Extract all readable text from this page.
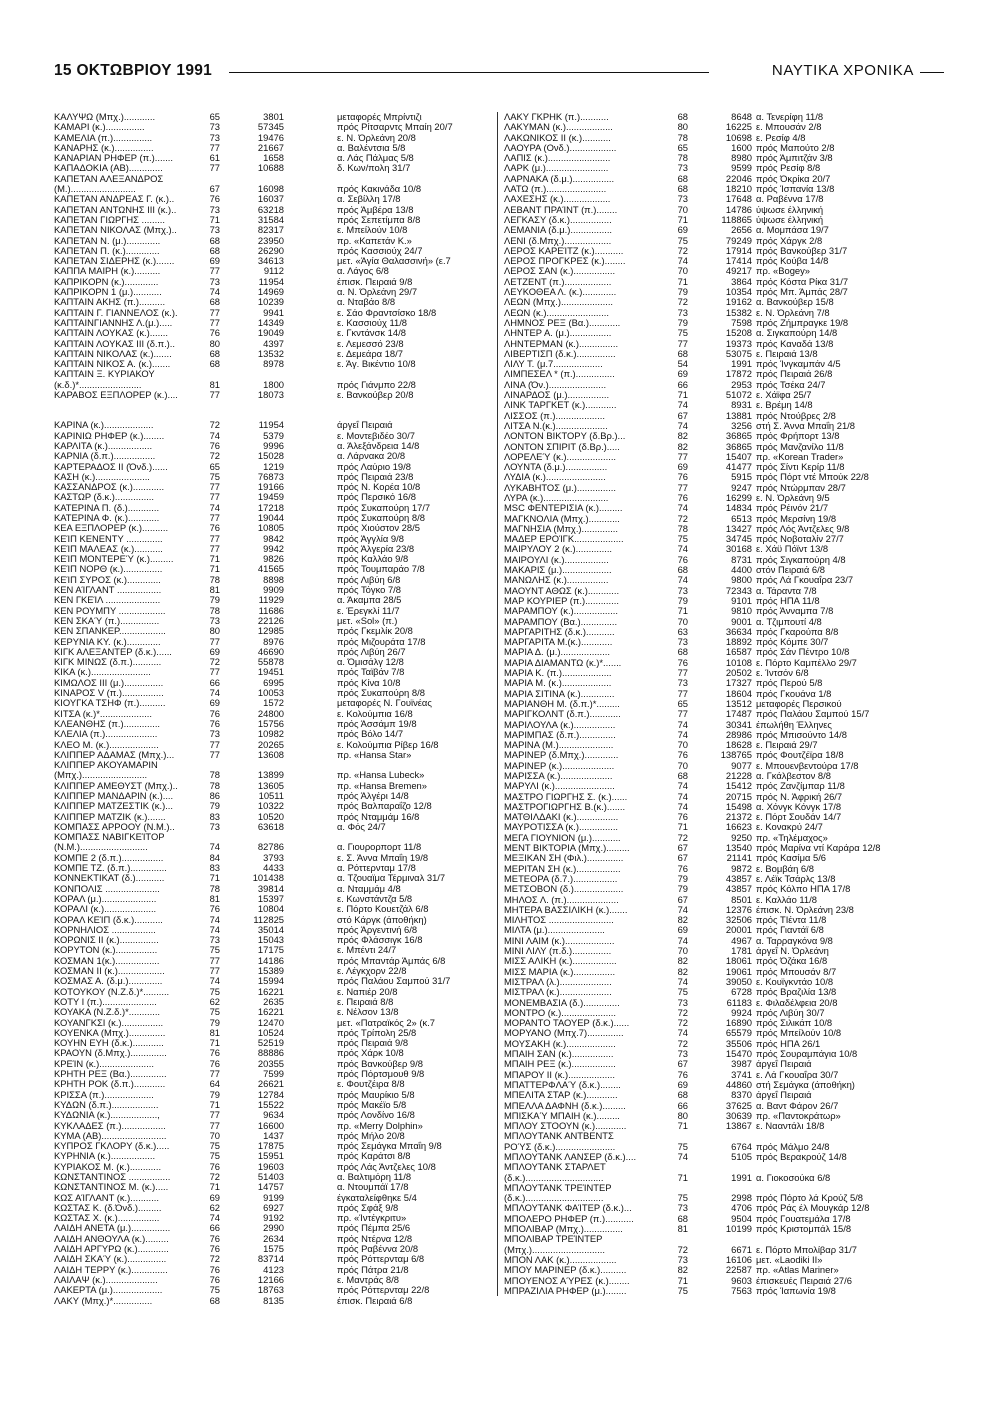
15 ΟΚΤΩΒΡΙΟΥ 1991	ΝΑΥΤΙΚΑ ΧΡΟΝΙΚΑ
ΚΑΛΥΨΩ (Μπχ.)............	65	3801	μεταφορές Μπρίντιζι
ΚΑΜΑΡΙ (κ.)...............	73	57345	πρός Ρίτσαρντς Μπαίη 20/7
ΚΑΜΕΛΙΑ (π.)...............	73	19476	ε. Ν. Όρλεάνη 20/8
ΚΑΝΑΡΗΣ (κ.)...............	77	21667	α. Βαλέντσια 5/8
ΚΑΝΑΡΙΑΝ ΡΗΦΕΡ (π.).......	61	1658	α. Λάς Πάλμας 5/8
ΚΑΠΑΔΟΚΙΑ (ΑΒ).............	77	10688	δ. Κων/πολη 31/7
ΚΑΠΕΤΑΝ ΑΛΕΞΑΝΔΡΟΣ
(Μ.).........................	67	16098	πρός Κακινάδα 10/8
ΚΑΠΕΤΑΝ ΑΝΔΡΕΑΣ Γ. (κ.)..	76	16037	α. Σεβίλλη 17/8
ΚΑΠΕΤΑΝ ΑΝΤΩΝΗΣ ΙΙΙ (κ.)..	73	63218	πρός Άμβέρα 13/8
ΚΑΠΕΤΑΝ ΓΙΩΡΓΗΣ .........	71	31584	πρός Σεπετίμπα 8/8
ΚΑΠΕΤΑΝ ΝΙΚΟΛΑΣ (Μπχ.)..	73	82317	ε. Μπείλούν 10/8
ΚΑΠΕΤΑΝ Ν. (μ.).............	68	23950	πρ. «Καπετάν Κ.»
ΚΑΠΕΤΑΝ Π. (κ.).............	68	26290	πρός Κασσιούχ 24/7
ΚΑΠΕΤΑΝ ΣΙΔΕΡΗΣ (κ.).......	69	34613	μετ. «Άγία Θαλασσινή» (ε.7
ΚΑΠΠΑ ΜΑΙΡΗ (κ.)..........	77	9112	α. Λάγος 6/8
ΚΑΠΡΙΚΟΡΝ (κ.).............	73	11954	έπισκ. Πειραιά 9/8
ΚΑΠΡΙΚΟΡΝ 1 (μ.)...........	74	14969	α. Ν. Όρλεάνη 29/7
ΚΑΠΤΑΙΝ ΑΚΗΣ (π.)..........	68	10239	α. Νταβάο 8/8
ΚΑΠΤΑΙΝ Γ. ΓΙΑΝΝΕΛΟΣ (κ.).	77	9941	ε. Σάο Φραντσίσκο 18/8
ΚΑΠΤΑΙΝΓΙΑΝΝΗΣ Λ.(μ.).....	77	14349	ε. Κασσιούχ 11/8
ΚΑΠΤΑΙΝ ΛΟΥΚΑΣ (κ.).......	76	19049	ε. Γκντάνσκ 14/8
ΚΑΠΤΑΙΝ ΛΟΥΚΑΣ ΙΙΙ (δ.π.)..	80	4397	ε. Λεμεσσό 23/8
ΚΑΠΤΑΙΝ ΝΙΚΟΛΑΣ (κ.).......	68	13532	ε. Δεμεάρα 18/7
ΚΑΠΤΑΙΝ ΝΙΚΟΣ Α. (κ.).......	68	8978	ε. Άγ. Βικέντιο 10/8
ΚΑΠΤΑΙΝ Ξ. ΚΥΡΙΑΚΟΥ
(κ.δ.)*........................	81	1800	πρός Γιάνμπο 22/8
ΚΑΡΑΒΟΣ ΕΞΠΛΟΡΕΡ (κ.)....	77	18073	ε. Βανκούβερ 20/8
ΚΑΡΙΝΑ (κ.)...................	72	11954	άργεΐ Πειραιά
ΚΑΡΙΝΙΩ ΡΗΦΕΡ (κ.)........	74	5379	ε. Μοντεβιδέο 30/7
ΚΑΡΛΙΤΑ (κ.).................	76	9996	α. Άλεξάνδρεια 14/8
ΚΑΡΝΙΑ (δ.π.)................	72	15028	α. Λάρνακα 20/8
ΚΑΡΤΕΡΑΔΟΣ ΙΙ (Όνδ.)......	65	1219	πρός Λαύριο 19/8
ΚΑΣΗ (κ.).....................	75	76873	πρός Πειραιά 23/8
ΚΑΣΣΑΝΔΡΟΣ (κ.)............	77	19166	πρός Ν. Κορέα 10/8
ΚΑΣΤΩΡ (δ.κ.)...............	77	19459	πρός Περσικό 16/8
ΚΑΤΕΡΙΝΑ Π. (δ.)............	74	17218	πρός Συκαπούρη 17/7
ΚΑΤΕΡΙΝΑ Φ. (κ.)............	77	19044	πρός Συκαπούρη 8/8
ΚΕΑ ΕΞΠΛΟΡΕΡ (κ.)..........	76	10805	πρός Χιούστον 28/5
ΚΕΊΠ ΚΕΝΕΝΤΥ ..............	77	9842	πρός Άγγλία 9/8
ΚΕΊΠ ΜΑΛΕΑΣ (κ.)...........	77	9942	πρός Άλγερία 23/8
ΚΕΊΠ ΜΟΝΤΕΡΕΎ (κ.).........	71	9826	πρός Καλλάο 9/8
ΚΕΊΠ ΝΟΡΘ (κ.)...............	71	41565	πρός Τουμπαράο 7/8
ΚΕΊΠ ΣΥΡΟΣ (κ.).............	78	8898	πρός Λιβύη 6/8
ΚΕΝ ΑΊΓΛΑΝΤ .................	81	9909	πρός Τόγκο 7/8
ΚΕΝ ΓΚΕΊΛ .....................	79	11929	α. Άκαμπα 28/5
ΚΕΝ ΡΟΥΜΠΥ ..................	78	11686	ε. Έρεγκλί 11/7
ΚΕΝ ΣΚΑΎ (π.)...............	73	22126	μετ. «Sol» (π.)
ΚΕΝ ΣΠΑΝΚΕΡ..................	80	12985	πρός Γκεμλίκ 20/8
ΚΕΡΥΝΙΑ ΚΥ. (κ.).............	77	8976	πρός Μιζουράτα 17/8
ΚΙΓΚ ΑΛΕΞΑΝΤΕΡ (δ.κ.)......	69	46690	πρός Λιβύη 26/7
ΚΙΓΚ ΜΙΝΩΣ (δ.π.)...........	72	55878	α. Όμισάλγ 12/8
ΚΙΚΑ (κ.).......................	77	19451	πρός Ταϊβάν 7/8
ΚΙΜΩΛΟΣ ΙΙΙ (μ.)...............	66	6995	πρός Κίνα 10/8
ΚΙΝΑΡΟΣ V (π.)................	74	10053	πρός Συκαπούρη 8/8
ΚΙΟΥΓΚΑ ΤΣΗΦ (π.)..........	69	1572	μεταφορές Ν. Γουϊνέας
ΚΙΤΣΑ (κ.)*....................	76	24800	ε. Κολούμπια 16/8
ΚΛΕΑΝΘΗΣ (π.)..............	76	15756	πρός Άσσάμπ 19/8
ΚΛΕΛΙΑ (π.)....................	73	10982	πρός Βόλο 14/7
ΚΛΕΟ Μ. (κ.)...................	77	20265	ε. Κολούμπια Ρίβερ 16/8
ΚΛΙΠΠΕΡ ΑΔΑΜΑΣ (Μπχ.)...	77	13608	πρ. «Hansa Star»
ΚΛΙΠΠΕΡ ΑΚΟΥΑΜΑΡΙΝ
(Μπχ.).........................	78	13899	πρ. «Hansa Lubeck»
ΚΛΙΠΠΕΡ ΑΜΕΘΥΣΤ (Μπχ.)..	78	13605	πρ. «Hansa Bremen»
ΚΛΙΠΠΕΡ ΜΑΝΔΑΡΙΝ (κ.)....	86	10511	πρός Άλγέρι 14/8
ΚΛΙΠΠΕΡ ΜΑΤΖΕΣΤΙΚ (κ.)...	79	10322	πρός Βαλπαραΐζο 12/8
ΚΛΙΠΠΕΡ ΜΑΤΖΙΚ (κ.).......	83	10520	πρός Νταμμάμ 16/8
ΚΟΜΠΑΣΣ ΑΡΡΟΟΥ (Ν.Μ.)..	73	63618	α. Φός 24/7
ΚΟΜΠΑΣΣ ΝΑΒΙΓΚΕΊΤΟΡ
(Ν.Μ.)..........................	74	82786	α. Γιουρορπορτ 11/8
ΚΟΜΠΕ 2 (δ.π.)................	84	3793	ε. Σ. Άννα Μπαΐη 19/8
ΚΟΜΠΕ ΤΖ. (δ.π.)..............	83	4433	α. Ρόττερνταμ 17/8
ΚΟΝΝΕΚΤΙΚΑΤ (δ.)...........	71	101438	α. Τζουαϊμα Τέρμιναλ 31/7
ΚΟΝΠΟΛΙΣ .....................	78	39814	α. Νταμμάμ 4/8
ΚΟΡΑΛ (μ.).....................	81	15397	ε. Κωνστάντζα 5/8
ΚΟΡΑΛΙ (κ.)....................	76	10804	ε. Πόρτο Κουετζάλ 6/8
ΚΟΡΑΛ ΚΕΊΠ (δ.κ.)...........	74	112825	στό Κάργκ (άποθήκη)
ΚΟΡΝΗΛΙΟΣ .................	74	35014	πρός Άργεντινή 6/8
ΚΟΡΩΝΙΣ ΙΙ (κ.)...............	73	15043	πρός Φλάσσιγκ 16/8
ΚΟΡΥΤΟΝ (κ.)................	75	17175	ε. Μπέντι 24/7
ΚΟΣΜΑΝ 1(κ.).................	77	14186	πρός Μπαντάρ Άμπάς 6/8
ΚΟΣΜΑΝ ΙΙ (κ.)..................	77	15389	ε. Λέγκχορν 22/8
ΚΟΣΜΑΣ Α. (δ.μ.).............	74	15994	πρός Παλάου Σαμπού 31/7
ΚΟΤΟΥΚΟΥ (Ν.Ζ.δ.)*..........	75	16221	ε. Ναπιέρ 20/8
ΚΟΤΥ Ι (π.).....................	62	2635	ε. Πειραιά 8/8
ΚΟΥΑΚΑ (Ν.Ζ.δ.)*............	75	16221	ε. Νέλσον 13/8
ΚΟΥΑΝΓΚΣΙ (κ.)................	79	12470	μετ. «Πατραϊκός 2» (κ.7
ΚΟΥΕΝΚΑ (Μπχ.)..............	81	10524	πρός Τρίπολη 25/8
ΚΟΥΗΝ ΕΥΗ (δ.κ.)............	71	52519	πρός Πειραιά 9/8
ΚΡΑΟΥΝ (δ.Μπχ.)..............	76	88886	πρός Χάρκ 10/8
ΚΡΕΊΝ (κ.).....................	76	20355	πρός Βανκούβερ 9/8
ΚΡΗΤΗ ΡΕΞ (Βα.)..............	77	7599	πρός Πόρτσμουθ 9/8
ΚΡΗΤΗ ΡΟΚ (δ.π.)............	64	26621	ε. Φουτζέιρα 8/8
ΚΡΙΣΣΑ (π.)...................	79	12784	πρός Μαυρίκιο 5/8
ΚΥΔΩΝ (δ.π.)..................	71	15522	πρός Μακέϊο 5/8
ΚΥΔΩΝΙΑ (κ.)..................,	77	9634	πρός Λονδίνο 16/8
ΚΥΚΛΑΔΕΣ (π.).................	77	16600	πρ. «Merry Dolphin»
ΚΥΜΑ (ΑΒ).........................	70	1437	πρός Μήλο 20/8
ΚΥΠΡΟΣ ΓΚΛΟΡΥ (δ.κ.).....	75	17875	πρός Σεμάγκα Μπαΐη 9/8
ΚΥΡΗΝΙΑ (κ.).................	75	15951	πρός Καράτσι 8/8
ΚΥΡΙΑΚΟΣ Μ. (κ.)............	76	19603	πρός Λάς Άντζελες 10/8
ΚΩΝΣΤΑΝΤΙΝΟΣ ................	72	51403	α. Βαλτιμόρη 11/8
ΚΩΝΣΤΑΝΤΙΝΟΣ Μ. (κ.).....	71	14757	α. Ντουμπάϊ 17/8
ΚΩΣ ΑΊΓΛΑΝΤ (κ.)...........	69	9199	έγκαταλείφθηκε 5/4
ΚΩΣΤΑΣ Κ. (δ.Όνδ.).........	62	6927	πρός Σφάξ 9/8
ΚΩΣΤΑΣ Χ. (κ.)................	74	9192	πρ. «Ίντέγκριτυ»
ΛΑΙΔΗ ΑΝΕΤΑ (μ.)...............	66	2990	πρός Πέμπα 25/6
ΛΑΙΔΗ ΑΝΘΟΥΛΑ (κ.).........	76	2634	πρός Ντέρνα 12/8
ΛΑΙΔΗ ΑΡΓΥΡΩ (κ.)............	76	1575	πρός Ραβέννα 20/8
ΛΑΙΔΗ ΣΚΑΎ (κ.)...............	72	83714	πρός Ρόττερνταμ 6/8
ΛΑΙΔΗ ΤΕΡΡΥ (κ.)..............	76	4123	πρός Πάτρα 21/8
ΛΑΙΛΑΨ (κ.)....................	76	12166	ε. Μαντράς 8/8
ΛΑΚΕΡΤΑ (μ.)...................	75	18763	πρός Ρόττερνταμ 22/8
ΛΑΚΥ (Μπχ.)*...............	68	8135	έπισκ. Πειραιά 6/8
ΛΑΚΥ ΓΚΡΗΚ (π.)...........	68	8648 α. Τενερίφη 11/8
ΛΑΚΥΜΑΝ (κ.)..................	80	16225 ε. Μπουσάν 2/8
ΛΑΚΩΝΙΚΟΣ ΙΙ (κ.)...........	78	10698 ε. Ρεσίφ 4/8
ΛΑΟΥΡΑ (Ονδ.)..................	65	1600 πρός Μαπούτο 2/8
ΛΑΠΙΣ (κ.)........................	78	8980 πρός Άμπιτζάν 3/8
ΛΑΡΚ (μ.)........................	73	9599 πρός Ρεσίφ 8/8
ΛΑΡΝΑΚΑ (δ.μ.)................	68	22046 πρός Όκρίκα 20/7
ΛΑΤΩ (π.).......................	68	18210 πρός Ίσπανία 13/8
ΛΑΧΕΣΗΣ (κ.)..................	73	17648 α. Ραβέννα 17/8
ΛΕΒΑΝΤ ΠΡΑΊΝΤ (π.)........	70	14786 ύψωσε έλληνική
ΛΕΓΚΑΣΥ (δ.κ.)................	71	118865 ύψωσε έλληνική
ΛΕΜΑΝΙΑ (δ.μ.)................	69	2656 α. Μομπάσα 19/7
ΛΕΝΙ (δ.Μπχ.)..................	75	79249 πρός Χάργκ 2/8
ΛΕΡΟΣ ΚΑΡΕΊΤΖ (κ.)...........	72	17914 πρός Βανκούβερ 31/7
ΛΕΡΟΣ ΠΡΟΓΚΡΕΣ (κ.)........	74	17414 πρός Κούβα 14/8
ΛΕΡΟΣ ΣΑΝ (κ.)................	70	49217 πρ. «Bogey»
ΛΕΤΖΕΝΤ (π.)..................	71	3864 πρός Κόστα Ρίκα 31/7
ΛΕΥΚΟΘΕΑ Λ. (κ.).............	79	10354 πρός Μπ. Άμπάς 28/7
ΛΕΩΝ (Μπχ.)....................	72	19162 α. Βανκούβερ 15/8
ΛΕΩΝ (κ.)........................	73	15382 ε. Ν. Όρλεάνη 7/8
ΛΗΜΝΟΣ ΡΕΞ (Βα.)............	79	7598 πρός Ζήμπραγκε 19/8
ΛΗΝΤΕΡ Α. (μ.)................	75	15208 α. Σιγκαπούρη 14/8
ΛΗΝΤΕΡΜΑΝ (κ.)...............	77	19373 πρός Καναδά 13/8
ΛΙΒΕΡΤΙΣΠ (δ.κ.)...............	68	53075 ε. Πειραιά 13/8
ΛΙΛΥ Τ. (μ.7...................	54	1991 πρός Ίνγκαμπάν 4/5
ΛΙΜΠΕΣΕΛ * (π.)...............	69	17872 πρός Πειραιά 26/8
ΛΙΝΑ (Όν.)......................	66	2953 πρός Τσέκα 24/7
ΛΙΝΑΡΔΟΣ (μ.)................	71	51072 ε. Χάϊφα 25/7
ΛΙΝΚ ΤΑΡΓΚΕΤ (κ.)............	74	8931 ε. Βρέμη 14/8
ΛΙΣΣΟΣ (π.)...................	67	13881 πρός Ντούβρες 2/8
ΛΙΤΣΑ Ν.(κ.)....................	74	3256 στή Σ. Άννα Μπαΐη 21/8
ΛΟΝΤΟΝ ΒΙΚΤΟΡΥ (δ.Βρ.)...	82	36865 πρός Φρήπορτ 13/8
ΛΟΝΤΟΝ ΣΠΙΡΙΤ (δ.Βρ.).....	82	36865 πρός Μανζανίλο 11/8
ΛΟΡΕΛΕΎ (κ.)...................	77	15407 πρ. «Korean Trader»
ΛΟΥΝΤΑ (δ.μ.)................	69	41477 πρός Σίντι Κερίρ 11/8
ΛΥΔΙΑ (κ.).......................	76	5915 πρός Πόρτ ντέ Μπούκ 22/8
ΛΥΚΑΒΗΤΟΣ (μ.)...............	77	9247 πρός Ντώρμπαν 28/7
ΛΥΡΑ (κ.).........................	76	16299 ε. Ν. Όρλεάνη 9/5
MSC ΦΕΝΤΕΡΙΣΙΑ (κ.).........	74	14834 πρός Ρέινόν 21/7
ΜΑΓΚΝΟΛΙΑ (Μπχ.)............	72	6513 πρός Μερσίνη 19/8
ΜΑΓΝΗΣΙΑ (Μπχ.)..............	78	13427 πρός Λός Άντζελες 9/8
ΜΑΔΕΡ ΕΡΟΊΓΚ...................	75	34745 πρός Νοβοταλίν 27/7
ΜΑΙΡΥΛΟΥ 2 (κ.)..............	74	30168 ε. Χάϋ Πόϊντ 13/8
ΜΑΙΡΟΥΛΙ (κ.).................	76	8731 πρός Σιγκαπούρη 4/8
ΜΑΚΑΡΙΣ (μ.)...................	68	4400 στόν Πειραιά 6/8
ΜΑΝΩΛΗΣ (κ.)................	74	9800 πρός Λά Γκουαΐρα 23/7
ΜΑΟΥΝΤ ΑΘΩΣ (κ.)............	73	72343 α. Τάραντα 7/8
ΜΑΡ ΚΟΥΡΙΕΡ (π.).............	79	9101 πρός ΗΠΑ 11/8
ΜΑΡΑΜΠΟΥ (κ.).................	71	9810 πρός Άνναμπα 7/8
ΜΑΡΑΜΠΟΥ (Βα.)..............	70	9001 α. Τζιμπουτί 4/8
ΜΑΡΓΑΡΙΤΗΣ (δ.κ.)...........	63	36634 πρός Γκαρούπα 8/8
ΜΑΡΓΑΡΙΤΑ Μ.(κ.)............	73	18892 πρός Κόμπε 30/7
ΜΑΡΙΑ Δ. (μ.)...................	68	16587 πρός Σάν Πέντρο 10/8
ΜΑΡΙΑ ΔΙΑΜΑΝΤΩ (κ.)*.......	76	10108 ε. Πόρτο Καμπέλλο 29/7
ΜΑΡΙΑ Κ. (π.)...................	77	20502 ε. Ίντσόν 6/8
ΜΑΡΙΑ Μ. (κ.)...................	73	17327 πρός Περού 5/8
ΜΑΡΙΑ ΣΙΤΙΝΑ (κ.).............	77	18604 πρός Γκουάνα 1/8
ΜΑΡΙΑΝΘΗ Μ. (δ.π.)*.........	65	13512 μεταφορές Περσικού
ΜΑΡΙΓΚΟΛΝΤ (δ.π.)............	77	17487 πρός Παλάου Σαμπού 15/7
ΜΑΡΙΛΟΥΛΑ (κ.)................	74	30341 έπωλήθη Έλληνες
ΜΑΡΙΜΠΑΣ (δ.π.)..............	74	28986 πρός Μπισούντο 14/8
ΜΑΡΙΝΑ (Μ.).....................	70	18628 ε. Πειραιά 29/7
ΜΑΡΙΝΕΡ (δ.Μπχ.).............	76	138765 πρός Φουτζέϊρα 18/8
ΜΑΡΙΝΕΡ (κ.)....................	70	9077 ε. Μπουενβεντούρα 17/8
ΜΑΡΙΣΣΑ (κ.)....................	68	21228 α. Γκάλβεστον 8/8
ΜΑΡΥΛΙ (κ.).......................	74	15412 πρός Ζανζίμπαρ 11/8
ΜΑΣΤΡΟ ΓΙΩΡΓΗΣ Σ. (κ.)......	74	20715 πρός Ν. Άφρική 26/7
ΜΑΣΤΡΟΓΙΩΡΓΗΣ Β.(κ.).......	74	15498 α. Χόνγκ Κόνγκ 17/8
ΜΑΤΘΙΛΔΑΚΙ (κ.)................	76	21372 ε. Πόρτ Σουδάν 14/7
ΜΑΥΡΟΤΙΣΣΑ (κ.)...............	71	16623 ε. Κονακρύ 24/7
ΜΕΓΑ ΓΙΟΥΝΙΟΝ (μ.)...........	72	9250 πρ. «Τηλέμαχος»
ΜΕΝΤ ΒΙΚΤΟΡΙΑ (Μπχ.).........	67	13540 πρός Μαρίνα ντί Καράρα 12/8
ΜΕΞΙΚΑΝ ΣΗ (Φιλ.)..............	67	21141 πρός Κασίμα 5/6
ΜΕΡΙΤΑΝ ΣΗ (κ.).................	76	9872 ε. Βομβάη 6/8
ΜΕΤΕΟΡΑ (δ.7.).................	79	43857 ε. Λέϊκ Τσάρλς 13/8
ΜΕΤΣΟΒΟΝ (δ.)...................	79	43857 πρός Κόλπο ΗΠΑ 17/8
ΜΗΛΟΣ Λ. (π.)....................	67	8501 ε. Καλλάο 11/8
ΜΗΤΕΡΑ ΒΑΣΣΙΛΙΚΗ (κ.).......	74	12376 έπισκ. Ν. Όρλεάνη 23/8
ΜΙΛΗΤΟΣ .........................	82	32506 πρός ΤΙέντα 11/8
ΜΙΛΤΑ (μ.)......................	69	20001 πρός Γιαντάϊ 6/8
ΜΙΝΙ ΛΑΙΜ (κ.)...................	74	4967 α. Ταρραγκόνα 9/8
ΜΙΝΙ ΛΙΛΥ (π.δ.)...............	70	1781 άργεΐ Ν. Όρλεάνη
ΜΙΣΣ ΑΛΙΚΗ (κ.).................	82	18061 πρός Όζάκα 16/8
ΜΙΣΣ ΜΑΡΙΑ (κ.)................	82	19061 πρός Μπουσάν 8/7
ΜΙΣΤΡΑΛ (λ.)....................	74	39050 ε. Κουϊγκντάο 10/8
ΜΙΣΤΡΑΛ (κ.)....................	75	6728 πρός Βραζιλία 13/8
ΜΟΝΕΜΒΑΣΙΑ (δ.)..............	73	61183 ε. Φιλαδέλφεια 20/8
ΜΟΝΤΡΟ (κ.).....................	72	9924 πρός Λιβύη 30/7
ΜΟΡΑΝΤΟ ΤΑΟΥΕΡ (δ.κ.)......	72	16890 πρός Σιλικάπ 10/8
ΜΟΡΥΑΝΟ (Μπχ.7)..............	74	65579 πρός Μπείλούν 10/8
ΜΟΥΣΑΚΗ (κ.)...................	72	35506 πρός ΗΠΑ 26/1
ΜΠΑΙΗ ΣΑΝ (κ.)................	73	15470 πρός Σουραμπάγια 10/8
ΜΠΑΙΗ ΡΕΞ (κ.).................	67	3987 άργεΐ Πειραιά
ΜΠΑΡΟΥ ΙΙ (κ.)..................	76	3741 ε. Λά Γκουαΐρα 30/7
ΜΠΑΤΤΕΡΦΛΑΎ (δ.κ.)........	69	44860 στή Σεμάγκα (άποθήκη)
ΜΠΕΛΙΤΑ ΣΤΑΡ (κ.)............	68	8370 άργεΐ Πειραιά
ΜΠΕΛΛΑ ΔΑΦΝΗ (δ.κ.).........	66	37625 α. Βαντ Φάρον 26/7
ΜΠΙΣΚΑΎ ΜΠΑΙΗ (κ.).........	80	30639 πρ. «Παντοκράτωρ»
ΜΠΛΟΥ ΣΤΟΟΥΝ (κ.)............	71	13867 ε. Νααντάλι 18/8
ΜΠΛΟΥΤΑΝΚ ΑΝΤΒΕΝΤΣ
ΡΟΎΣ (δ.κ.).......................	75	6764 πρός Μάλμο 24/8
ΜΠΛΟΥΤΑΝΚ ΛΑΝΣΕΡ (δ.κ.)....	74	5105 πρός Βερακρούζ 14/8
ΜΠΛΟΥΤΑΝΚ ΣΤΑΡΛΕΤ
(δ.κ.)..............................	71	1991 α. Γιοκοσούκα 6/8
ΜΠΛΟΥΤΑΝΚ ΤΡΕΊΝΤΕΡ
(δ.κ.)..............................	75	2998 πρός Πόρτο λά Κρούζ 5/8
ΜΠΛΟΥΤΑΝΚ ΦΑΊΤΕΡ (δ.κ.)...	73	4706 πρός Ράς έλ Μουγκάρ 12/8
ΜΠΟΛΕΡΟ ΡΗΦΕΡ (π.)...........	68	9504 πρός Γουατεμάλα 17/8
ΜΠΟΛΙΒΑΡ (Μπχ.)...............	81	10199 πρός Κριστομπάλ 15/8
ΜΠΟΛΙΒΑΡ ΤΡΕΊΝΤΕΡ
(Μπχ.)............................	72	6671 ε. Πόρτο Μπολίβαρ 31/7
ΜΠΟΝ ΛΑΚ (κ.)..................	73	16106 μετ. «Laodiki II»
ΜΠΟΥ ΜΑΡΙΝΕΡ (δ.κ.)..........	82	22587 πρ. «Atlas Mariner»
ΜΠΟΥΕΝΟΣ ΑΎΡΕΣ (κ.)........	71	9603 έπισκευές Πειραιά 27/6
ΜΠΡΑΖΙΛΙΑ ΡΗΦΕΡ (μ.)........	75	7563 πρός Ίαπωνία 19/8
